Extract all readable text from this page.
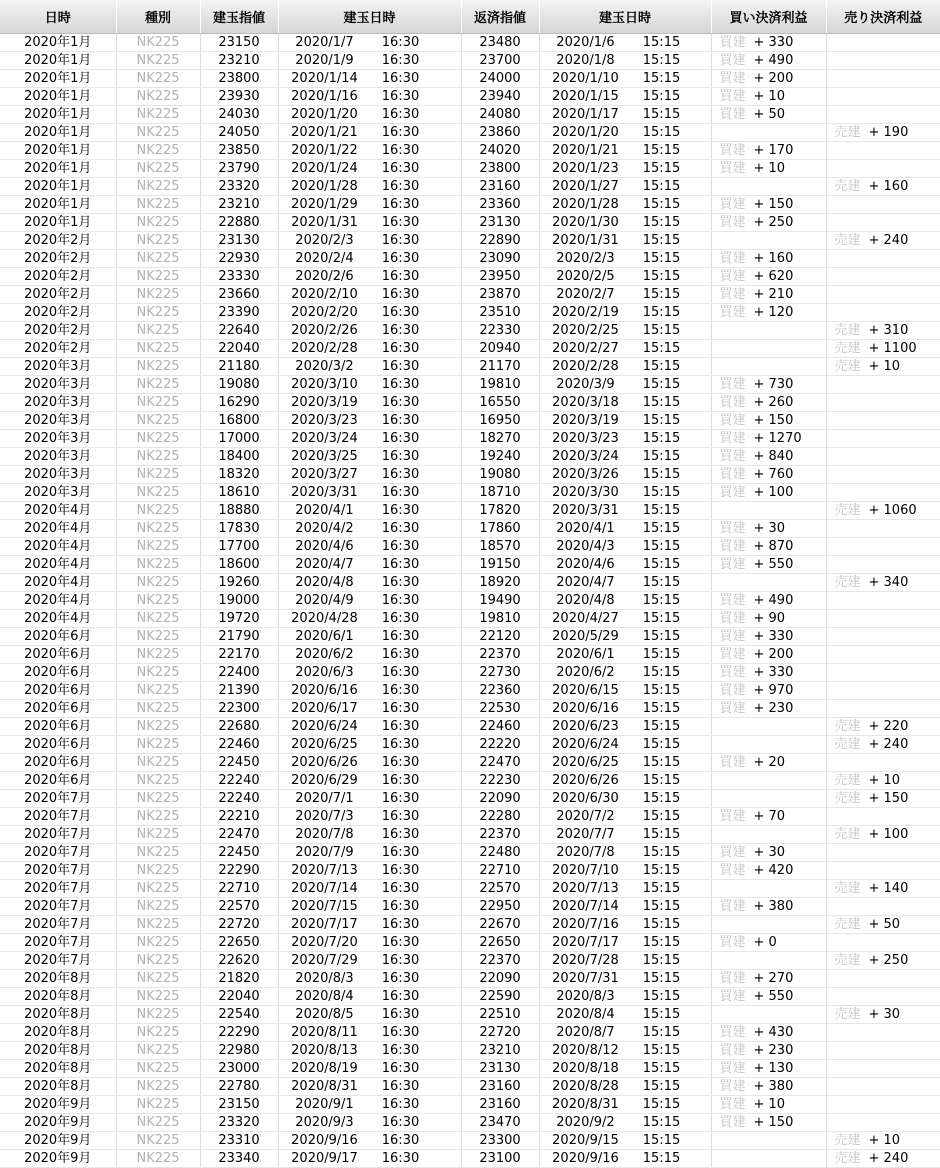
日時	種別	建玉指値	建玉日時	返済指値	建玉日時	買い決済利益	売り決済利益
2020年1月	NK225	23150	2020/1/7 16:30	23480	2020/1/6 15:15	買建 + 330	
2020年1月	NK225	23210	2020/1/9 16:30	23700	2020/1/8 15:15	買建 + 490	
2020年1月	NK225	23800	2020/1/14 16:30	24000	2020/1/10 15:15	買建 + 200	
2020年1月	NK225	23930	2020/1/16 16:30	23940	2020/1/15 15:15	買建 + 10	
2020年1月	NK225	24030	2020/1/20 16:30	24080	2020/1/17 15:15	買建 + 50	
2020年1月	NK225	24050	2020/1/21 16:30	23860	2020/1/20 15:15		売建 + 190
2020年1月	NK225	23850	2020/1/22 16:30	24020	2020/1/21 15:15	買建 + 170	
2020年1月	NK225	23790	2020/1/24 16:30	23800	2020/1/23 15:15	買建 + 10	
2020年1月	NK225	23320	2020/1/28 16:30	23160	2020/1/27 15:15		売建 + 160
2020年1月	NK225	23210	2020/1/29 16:30	23360	2020/1/28 15:15	買建 + 150	
2020年1月	NK225	22880	2020/1/31 16:30	23130	2020/1/30 15:15	買建 + 250	
2020年2月	NK225	23130	2020/2/3 16:30	22890	2020/1/31 15:15		売建 + 240
2020年2月	NK225	22930	2020/2/4 16:30	23090	2020/2/3 15:15	買建 + 160	
2020年2月	NK225	23330	2020/2/6 16:30	23950	2020/2/5 15:15	買建 + 620	
2020年2月	NK225	23660	2020/2/10 16:30	23870	2020/2/7 15:15	買建 + 210	
2020年2月	NK225	23390	2020/2/20 16:30	23510	2020/2/19 15:15	買建 + 120	
2020年2月	NK225	22640	2020/2/26 16:30	22330	2020/2/25 15:15		売建 + 310
2020年2月	NK225	22040	2020/2/28 16:30	20940	2020/2/27 15:15		売建 + 1100
2020年3月	NK225	21180	2020/3/2 16:30	21170	2020/2/28 15:15		売建 + 10
2020年3月	NK225	19080	2020/3/10 16:30	19810	2020/3/9 15:15	買建 + 730	
2020年3月	NK225	16290	2020/3/19 16:30	16550	2020/3/18 15:15	買建 + 260	
2020年3月	NK225	16800	2020/3/23 16:30	16950	2020/3/19 15:15	買建 + 150	
2020年3月	NK225	17000	2020/3/24 16:30	18270	2020/3/23 15:15	買建 + 1270	
2020年3月	NK225	18400	2020/3/25 16:30	19240	2020/3/24 15:15	買建 + 840	
2020年3月	NK225	18320	2020/3/27 16:30	19080	2020/3/26 15:15	買建 + 760	
2020年3月	NK225	18610	2020/3/31 16:30	18710	2020/3/30 15:15	買建 + 100	
2020年4月	NK225	18880	2020/4/1 16:30	17820	2020/3/31 15:15		売建 + 1060
2020年4月	NK225	17830	2020/4/2 16:30	17860	2020/4/1 15:15	買建 + 30	
2020年4月	NK225	17700	2020/4/6 16:30	18570	2020/4/3 15:15	買建 + 870	
2020年4月	NK225	18600	2020/4/7 16:30	19150	2020/4/6 15:15	買建 + 550	
2020年4月	NK225	19260	2020/4/8 16:30	18920	2020/4/7 15:15		売建 + 340
2020年4月	NK225	19000	2020/4/9 16:30	19490	2020/4/8 15:15	買建 + 490	
2020年4月	NK225	19720	2020/4/28 16:30	19810	2020/4/27 15:15	買建 + 90	
2020年6月	NK225	21790	2020/6/1 16:30	22120	2020/5/29 15:15	買建 + 330	
2020年6月	NK225	22170	2020/6/2 16:30	22370	2020/6/1 15:15	買建 + 200	
2020年6月	NK225	22400	2020/6/3 16:30	22730	2020/6/2 15:15	買建 + 330	
2020年6月	NK225	21390	2020/6/16 16:30	22360	2020/6/15 15:15	買建 + 970	
2020年6月	NK225	22300	2020/6/17 16:30	22530	2020/6/16 15:15	買建 + 230	
2020年6月	NK225	22680	2020/6/24 16:30	22460	2020/6/23 15:15		売建 + 220
2020年6月	NK225	22460	2020/6/25 16:30	22220	2020/6/24 15:15		売建 + 240
2020年6月	NK225	22450	2020/6/26 16:30	22470	2020/6/25 15:15	買建 + 20	
2020年6月	NK225	22240	2020/6/29 16:30	22230	2020/6/26 15:15		売建 + 10
2020年7月	NK225	22240	2020/7/1 16:30	22090	2020/6/30 15:15		売建 + 150
2020年7月	NK225	22210	2020/7/3 16:30	22280	2020/7/2 15:15	買建 + 70	
2020年7月	NK225	22470	2020/7/8 16:30	22370	2020/7/7 15:15		売建 + 100
2020年7月	NK225	22450	2020/7/9 16:30	22480	2020/7/8 15:15	買建 + 30	
2020年7月	NK225	22290	2020/7/13 16:30	22710	2020/7/10 15:15	買建 + 420	
2020年7月	NK225	22710	2020/7/14 16:30	22570	2020/7/13 15:15		売建 + 140
2020年7月	NK225	22570	2020/7/15 16:30	22950	2020/7/14 15:15	買建 + 380	
2020年7月	NK225	22720	2020/7/17 16:30	22670	2020/7/16 15:15		売建 + 50
2020年7月	NK225	22650	2020/7/20 16:30	22650	2020/7/17 15:15	買建 + 0	
2020年7月	NK225	22620	2020/7/29 16:30	22370	2020/7/28 15:15		売建 + 250
2020年8月	NK225	21820	2020/8/3 16:30	22090	2020/7/31 15:15	買建 + 270	
2020年8月	NK225	22040	2020/8/4 16:30	22590	2020/8/3 15:15	買建 + 550	
2020年8月	NK225	22540	2020/8/5 16:30	22510	2020/8/4 15:15		売建 + 30
2020年8月	NK225	22290	2020/8/11 16:30	22720	2020/8/7 15:15	買建 + 430	
2020年8月	NK225	22980	2020/8/13 16:30	23210	2020/8/12 15:15	買建 + 230	
2020年8月	NK225	23000	2020/8/19 16:30	23130	2020/8/18 15:15	買建 + 130	
2020年8月	NK225	22780	2020/8/31 16:30	23160	2020/8/28 15:15	買建 + 380	
2020年9月	NK225	23150	2020/9/1 16:30	23160	2020/8/31 15:15	買建 + 10	
2020年9月	NK225	23320	2020/9/3 16:30	23470	2020/9/2 15:15	買建 + 150	
2020年9月	NK225	23310	2020/9/16 16:30	23300	2020/9/15 15:15		売建 + 10
2020年9月	NK225	23340	2020/9/17 16:30	23100	2020/9/16 15:15		売建 + 240
